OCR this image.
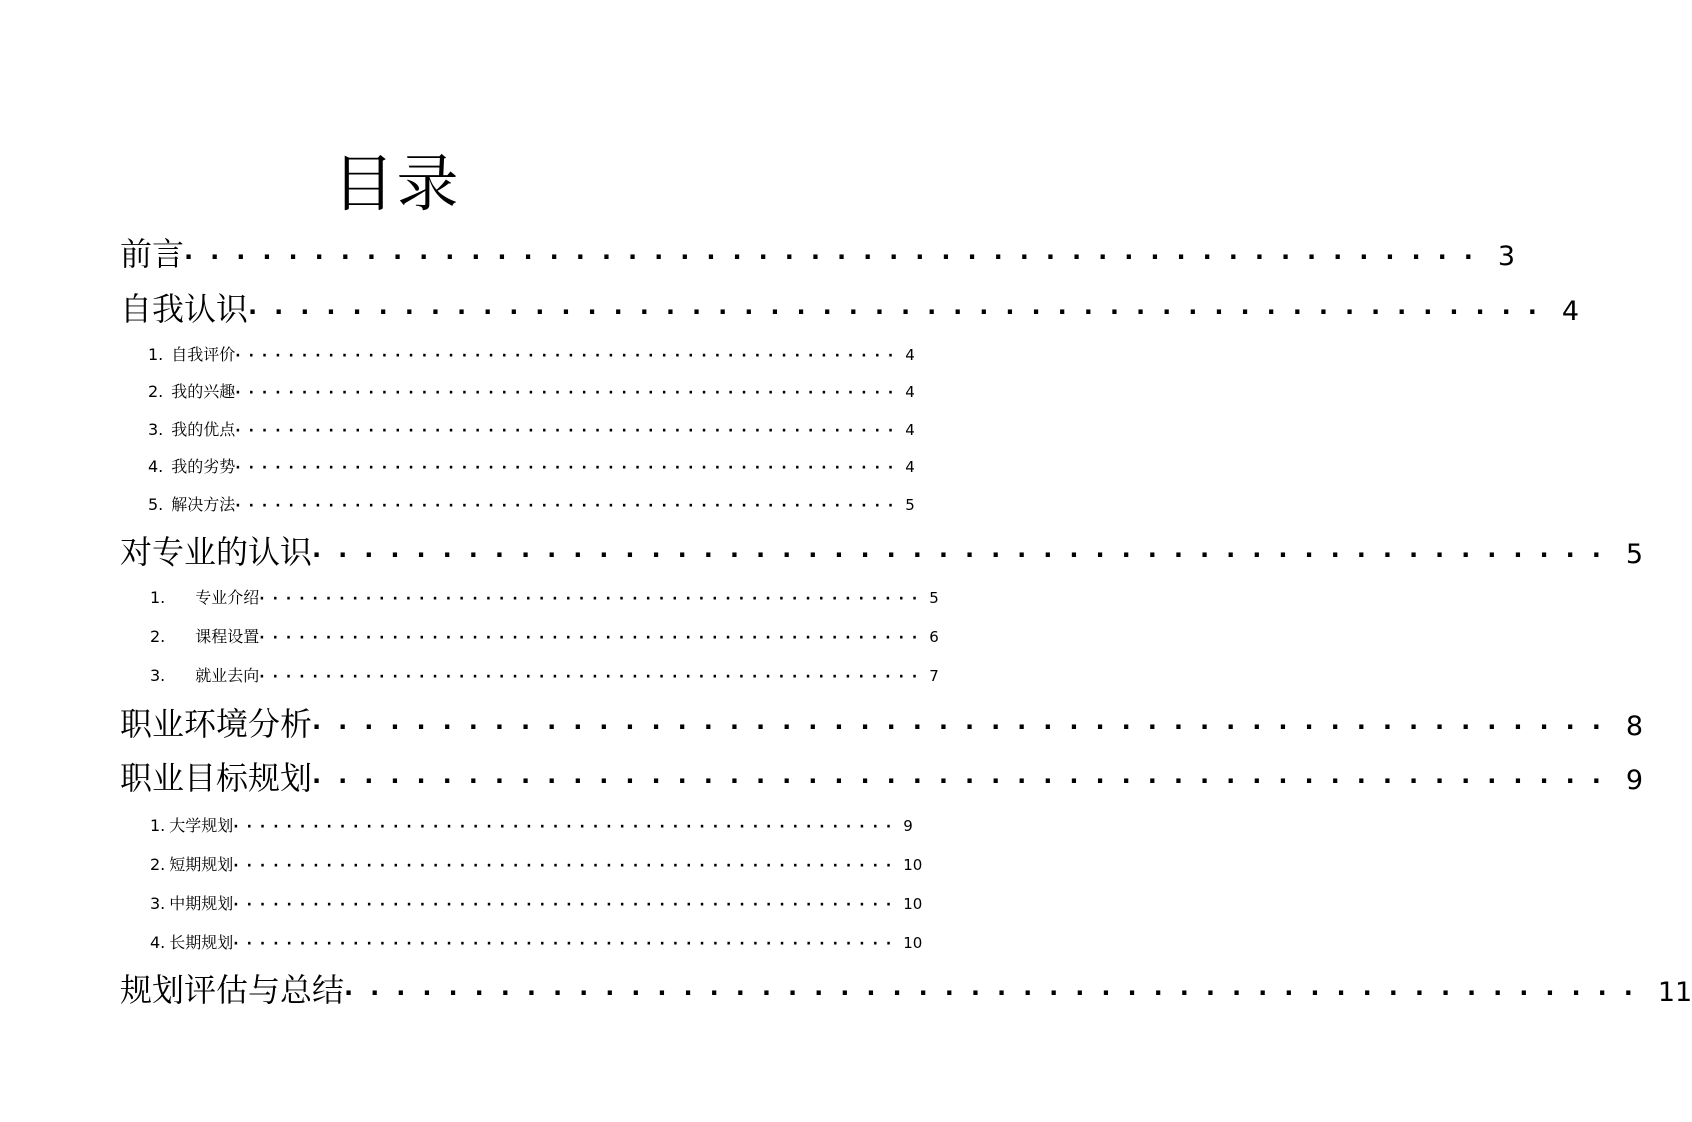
目录
前言 ·················································· 3
自我认识 ·················································· 4
1. 自我评价 ·················································· 4
2. 我的兴趣 ·················································· 4
3. 我的优点 ·················································· 4
4. 我的劣势 ·················································· 4
5. 解决方法 ·················································· 5
对专业的认识 ·················································· 5
1. 专业介绍 ·················································· 5
2. 课程设置 ·················································· 6
3. 就业去向 ·················································· 7
职业环境分析 ·················································· 8
职业目标规划 ·················································· 9
1. 大学规划 ·················································· 9
2. 短期规划 ·················································· 10
3. 中期规划 ·················································· 10
4. 长期规划 ·················································· 10
规划评估与总结 ·················································· 11
